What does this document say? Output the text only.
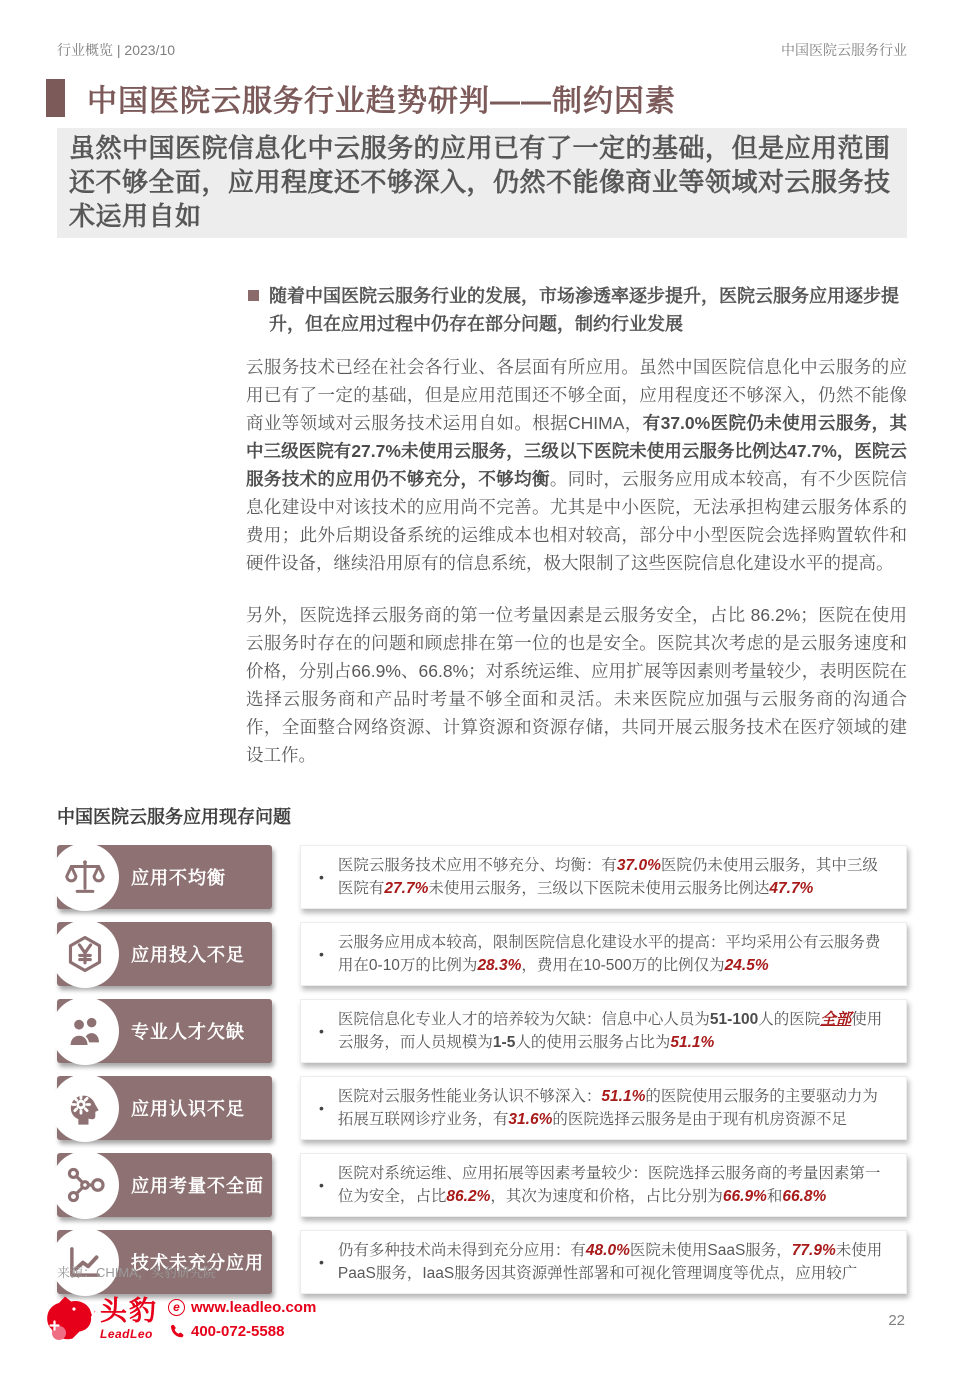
行业概览 | 2023/10	中国医院云服务行业
中国医院云服务行业趋势研判——制约因素
虽然中国医院信息化中云服务的应用已有了一定的基础，但是应用范围还不够全面，应用程度还不够深入，仍然不能像商业等领域对云服务技术运用自如
随着中国医院云服务行业的发展，市场渗透率逐步提升，医院云服务应用逐步提升，但在应用过程中仍存在部分问题，制约行业发展

云服务技术已经在社会各行业、各层面有所应用。虽然中国医院信息化中云服务的应用已有了一定的基础，但是应用范围还不够全面，应用程度还不够深入，仍然不能像商业等领域对云服务技术运用自如。根据CHIMA，有37.0%医院仍未使用云服务，其中三级医院有27.7%未使用云服务，三级以下医院未使用云服务比例达47.7%，医院云服务技术的应用仍不够充分，不够均衡。同时，云服务应用成本较高，有不少医院信息化建设中对该技术的应用尚不完善。尤其是中小医院，无法承担构建云服务体系的费用；此外后期设备系统的运维成本也相对较高，部分中小型医院会选择购置软件和硬件设备，继续沿用原有的信息系统，极大限制了这些医院信息化建设水平的提高。

另外，医院选择云服务商的第一位考量因素是云服务安全，占比 86.2%；医院在使用云服务时存在的问题和顾虑排在第一位的也是安全。医院其次考虑的是云服务速度和价格，分别占66.9%、66.8%；对系统运维、应用扩展等因素则考量较少，表明医院在选择云服务商和产品时考量不够全面和灵活。未来医院应加强与云服务商的沟通合作，全面整合网络资源、计算资源和资源存储，共同开展云服务技术在医疗领域的建设工作。

中国医院云服务应用现存问题
应用不均衡	•
医院云服务技术应用不够充分、均衡：有37.0%医院仍未使用云服务，其中三级医院有27.7%未使用云服务，三级以下医院未使用云服务比例达47.7%
应用投入不足	•
云服务应用成本较高，限制医院信息化建设水平的提高：平均采用公有云服务费用在0-10万的比例为28.3%，费用在10-500万的比例仅为24.5%
专业人才欠缺	•
医院信息化专业人才的培养较为欠缺：信息中心人员为51-100人的医院全部使用云服务，而人员规模为1-5人的使用云服务占比为51.1%
应用认识不足	•
医院对云服务性能业务认识不够深入：51.1%的医院使用云服务的主要驱动力为拓展互联网诊疗业务，有31.6%的医院选择云服务是由于现有机房资源不足
应用考量不全面	•
医院对系统运维、应用拓展等因素考量较少：医院选择云服务商的考量因素第一位为安全，占比86.2%，其次为速度和价格，占比分别为66.9%和66.8%
技术未充分应用	•
仍有多种技术尚未得到充分应用：有48.0%医院未使用SaaS服务，77.9%未使用PaaS服务，IaaS服务因其资源弹性部署和可视化管理调度等优点，应用较广
来源：CHIMA，头豹研究院
头豹
LeadLeo
e www.leadleo.com
400-072-5588
22
